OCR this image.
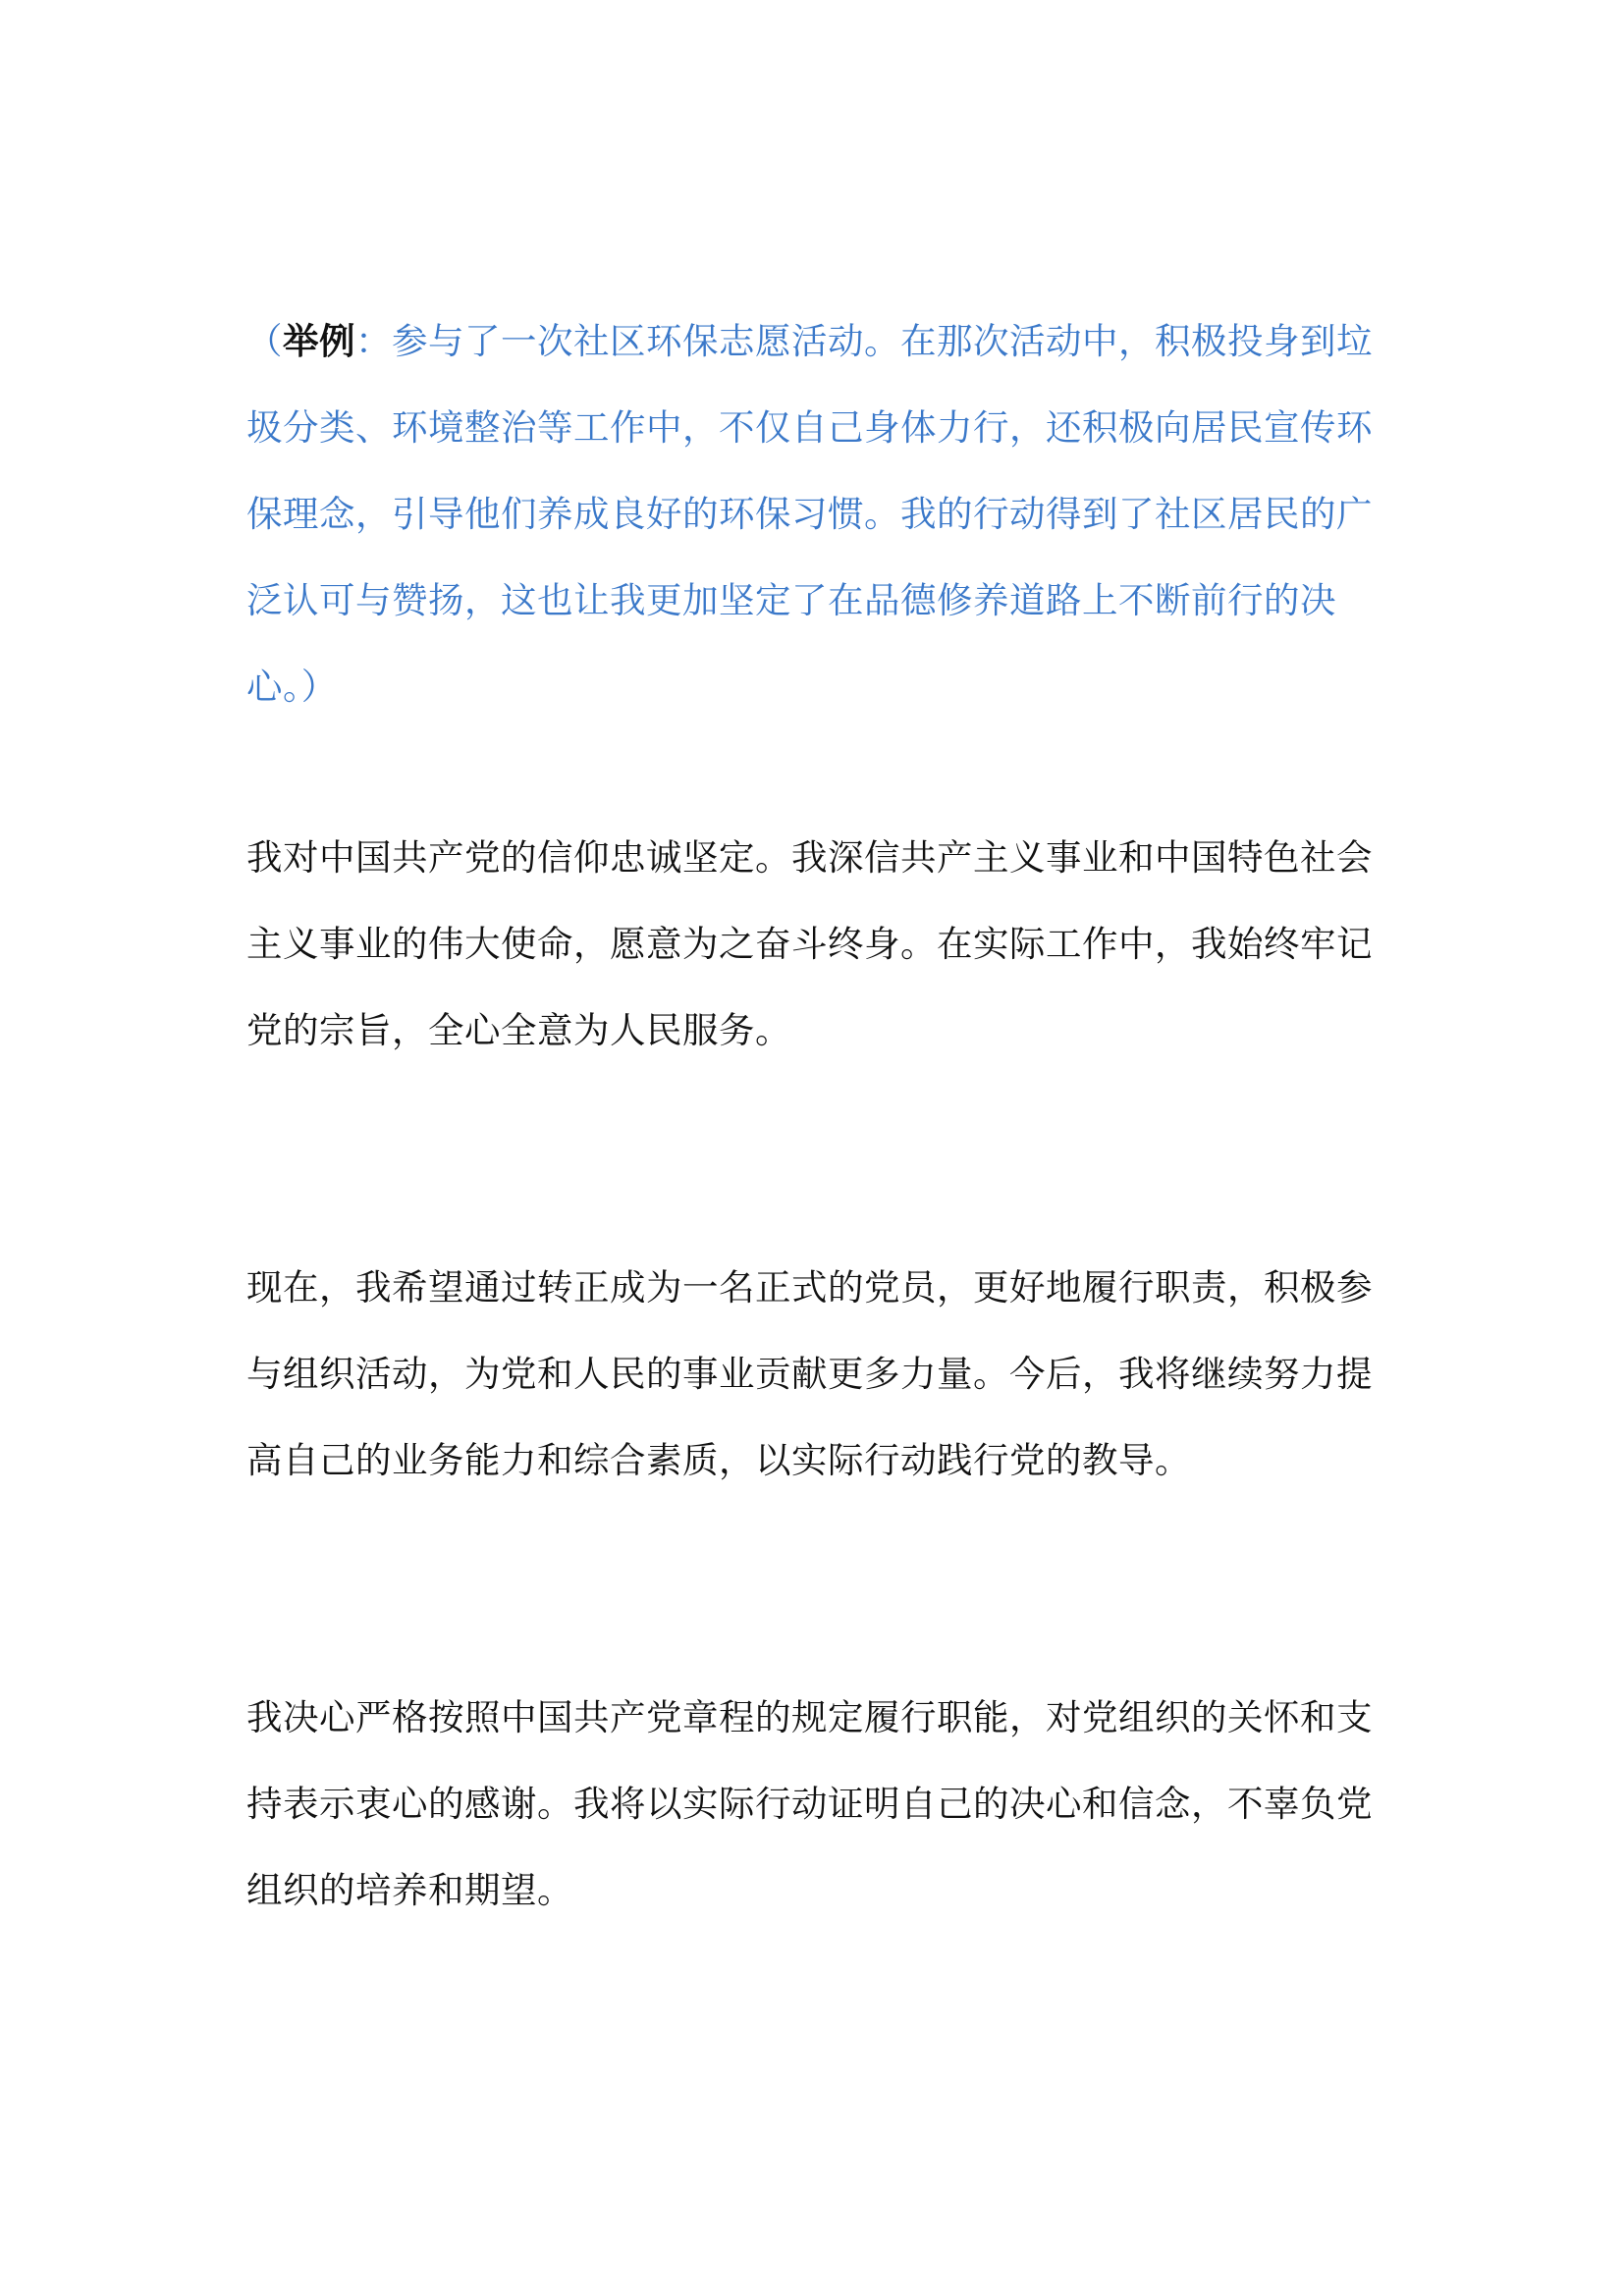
（举例：参与了一次社区环保志愿活动。在那次活动中，积极投身到垃圾分类、环境整治等工作中，不仅自己身体力行，还积极向居民宣传环保理念，引导他们养成良好的环保习惯。我的行动得到了社区居民的广泛认可与赞扬，这也让我更加坚定了在品德修养道路上不断前行的决心。）

我对中国共产党的信仰忠诚坚定。我深信共产主义事业和中国特色社会主义事业的伟大使命，愿意为之奋斗终身。在实际工作中，我始终牢记党的宗旨，全心全意为人民服务。

现在，我希望通过转正成为一名正式的党员，更好地履行职责，积极参与组织活动，为党和人民的事业贡献更多力量。今后，我将继续努力提高自己的业务能力和综合素质，以实际行动践行党的教导。

我决心严格按照中国共产党章程的规定履行职能，对党组织的关怀和支持表示衷心的感谢。我将以实际行动证明自己的决心和信念，不辜负党组织的培养和期望。
